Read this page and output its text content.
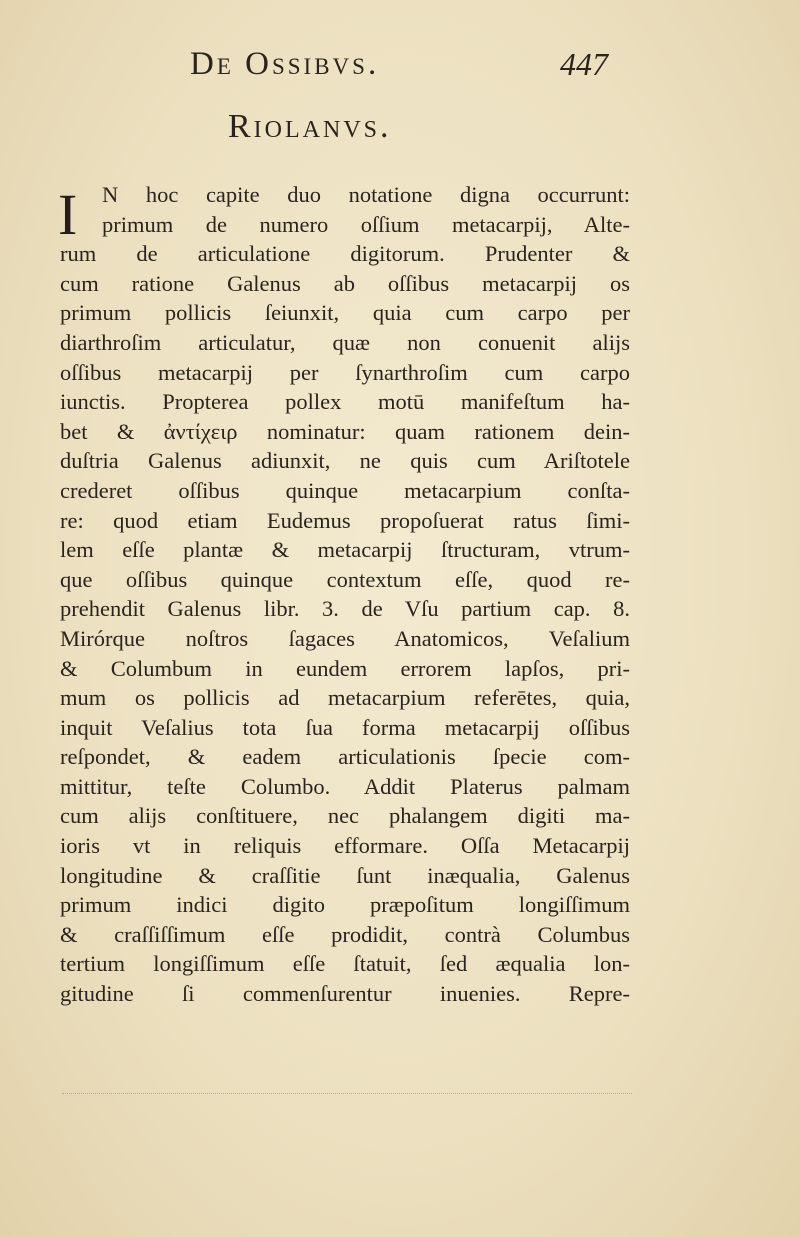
De Ossibvs.	447
Riolanvs.
I	N hoc capite duo notatione digna occurrunt:
primum de numero oſſium metacarpij, Alte-
rum de articulatione digitorum. Prudenter &
cum ratione Galenus ab oſſibus metacarpij os
primum pollicis ſeiunxit, quia cum carpo per
diarthroſim articulatur, quæ non conuenit alijs
oſſibus metacarpij per ſynarthroſim cum carpo
iunctis. Propterea pollex motū manifeſtum ha-
bet & ἀντίχειρ nominatur: quam rationem dein-
duſtria Galenus adiunxit, ne quis cum Ariſtotele
crederet oſſibus quinque metacarpium conſta-
re: quod etiam Eudemus propoſuerat ratus ſimi-
lem eſſe plantæ & metacarpij ſtructuram, vtrum-
que oſſibus quinque contextum eſſe, quod re-
prehendit Galenus libr. 3. de Vſu partium cap. 8.
Mirórque noſtros ſagaces Anatomicos, Veſalium
& Columbum in eundem errorem lapſos, pri-
mum os pollicis ad metacarpium referētes, quia,
inquit Veſalius tota ſua forma metacarpij oſſibus
reſpondet, & eadem articulationis ſpecie com-
mittitur, teſte Columbo. Addit Platerus palmam
cum alijs conſtituere, nec phalangem digiti ma-
ioris vt in reliquis efformare. Oſſa Metacarpij
longitudine & craſſitie ſunt inæqualia, Galenus
primum indici digito præpoſitum longiſſimum
& craſſiſſimum eſſe prodidit, contrà Columbus
tertium longiſſimum eſſe ſtatuit, ſed æqualia lon-
gitudine ſi commenſurentur inuenies. Repre-
